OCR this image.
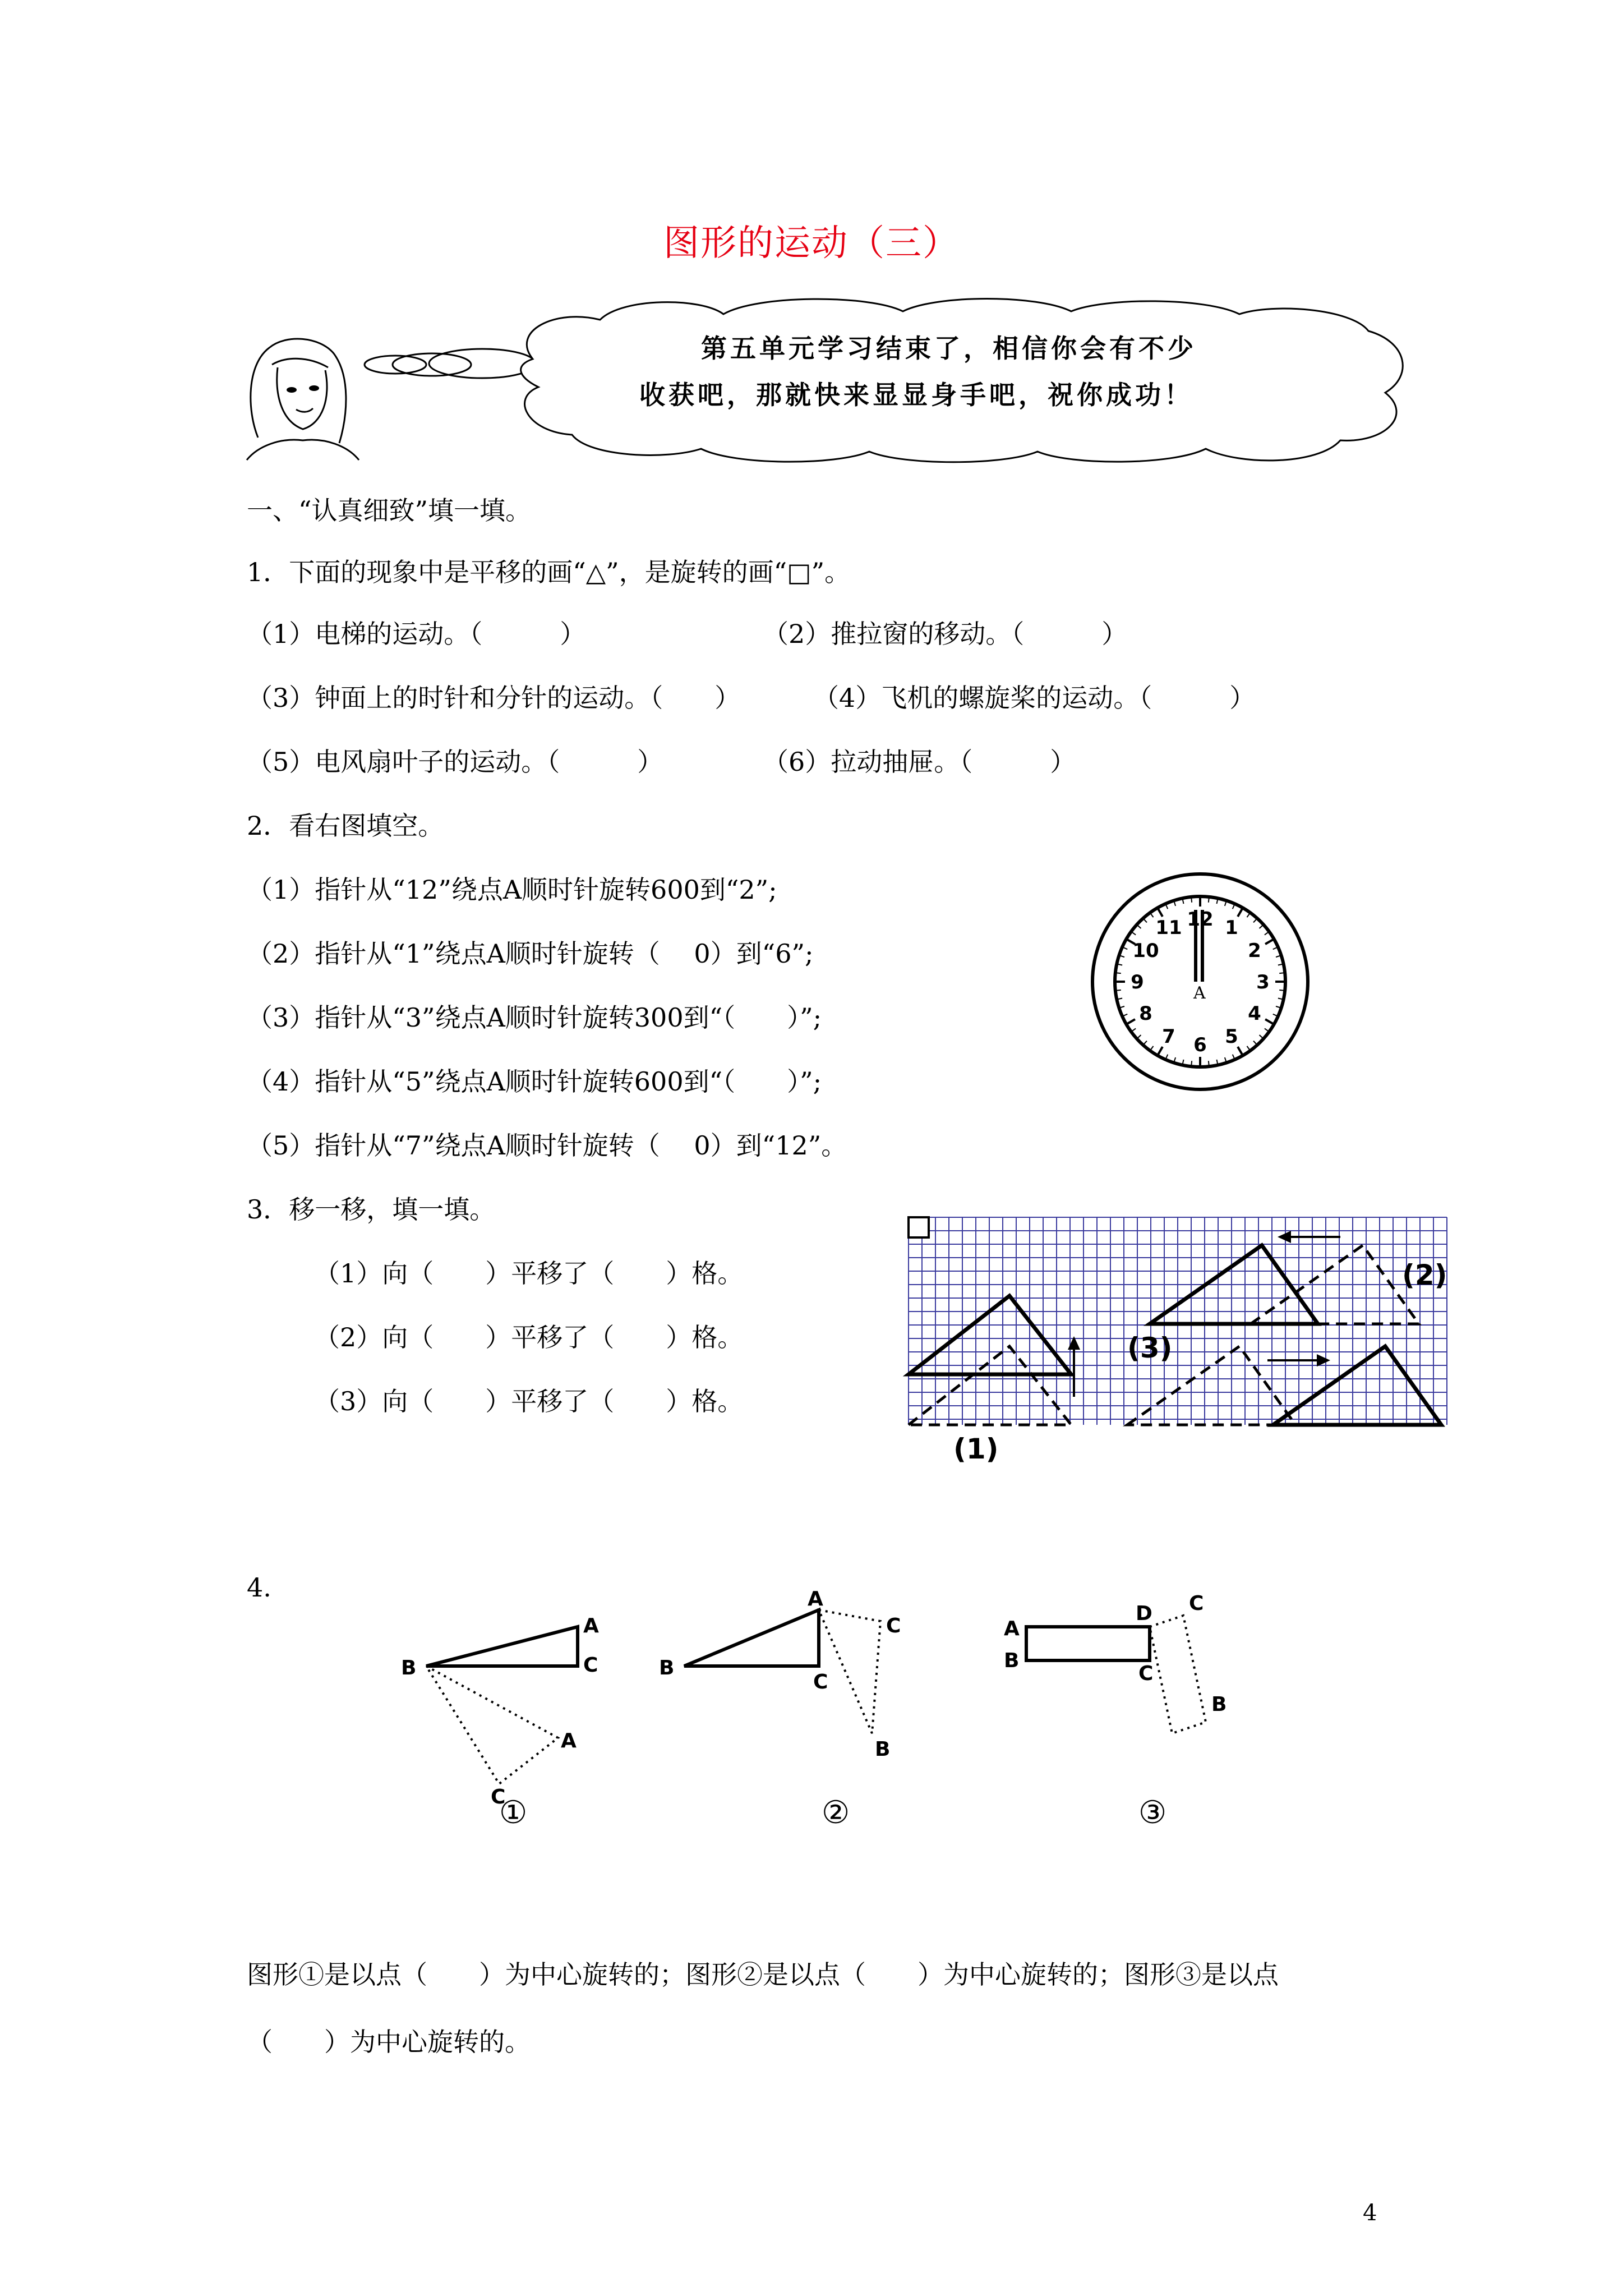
图形的运动（三）
第五单元学习结束了，相信你会有不少
收获吧，那就快来显显身手吧，祝你成功！
一、“认真细致”填一填。
1．下面的现象中是平移的画“△”，是旋转的画“□”。
（1）电梯的运动。（　　　）	（2）推拉窗的移动。（　　　）
（3）钟面上的时针和分针的运动。（　　）	（4）飞机的螺旋桨的运动。（　　　）
（5）电风扇叶子的运动。（　　　）	（6）拉动抽屉。（　　　）
2．看右图填空。
（1）指针从“12”绕点A顺时针旋转600到“2”;
（2）指针从“1”绕点A顺时针旋转（　 0）到“6”;
（3）指针从“3”绕点A顺时针旋转300到“（　　）”;
（4）指针从“5”绕点A顺时针旋转600到“（　　）”;
（5）指针从“7”绕点A顺时针旋转（　 0）到“12”。
12 1
2
3
4
5
6
7
8
9
10
11
A
3．移一移，填一填。
（1）向（　　）平移了（　　）格。
（2）向（　　）平移了（　　）格。
（3）向（　　）平移了（　　）格。
(1)
(2)
(3)
4.
A
B	C
A
C
①
A
B
C
C
B
②
A
B
D
C
C
B
③
图形①是以点（　　）为中心旋转的；图形②是以点（　　）为中心旋转的；图形③是以点
（　　）为中心旋转的。
4
